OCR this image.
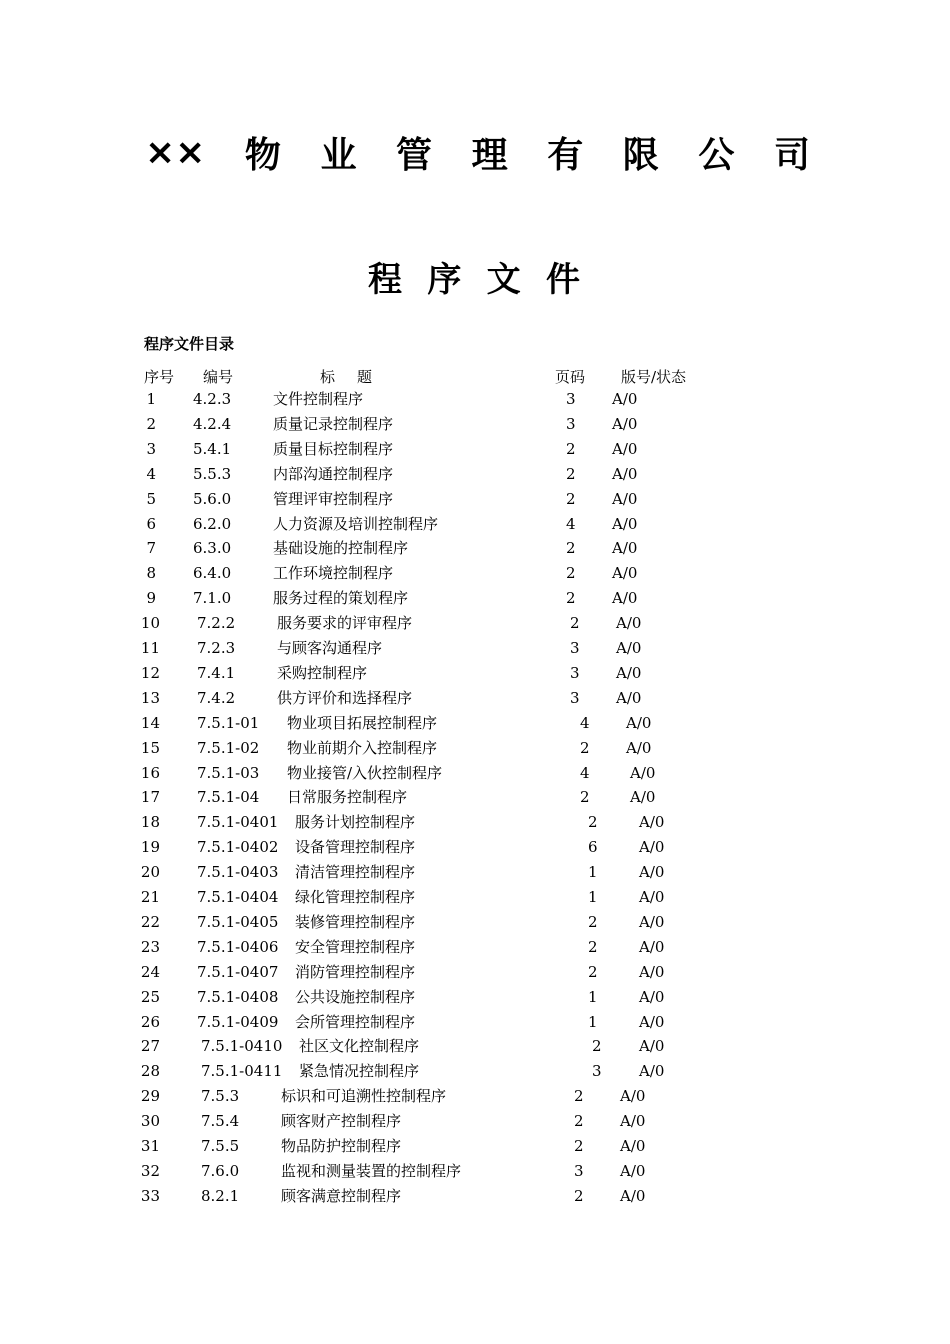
×× 物 业 管 理 有 限 公 司
程 序 文 件

程序文件目录

序号 编号	标题	页码 版号/状态
1 4.2.3	文件控制程序	3 A/0
2 4.2.4	质量记录控制程序	3 A/0
3 5.4.1	质量目标控制程序	2 A/0
4 5.5.3	内部沟通控制程序	2 A/0
5 5.6.0	管理评审控制程序	2 A/0
6 6.2.0	人力资源及培训控制程序	4 A/0
7 6.3.0	基础设施的控制程序	2 A/0
8 6.4.0	工作环境控制程序	2 A/0
9 7.1.0	服务过程的策划程序	2 A/0
10 7.2.2	服务要求的评审程序	2 A/0
11 7.2.3	与顾客沟通程序	3 A/0
12 7.4.1	采购控制程序	3 A/0
13 7.4.2	供方评价和选择程序	3 A/0
14 7.5.1-01 物业项目拓展控制程序	4 A/0
15 7.5.1-02 物业前期介入控制程序	2 A/0
16 7.5.1-03 物业接管/入伙控制程序	4	A/0
17 7.5.1-04 日常服务控制程序	2	A/0
18 7.5.1-0401 服务计划控制程序	2	A/0
19 7.5.1-0402 设备管理控制程序	6	A/0
20 7.5.1-0403 清洁管理控制程序	1	A/0
21 7.5.1-0404 绿化管理控制程序	1	A/0
22 7.5.1-0405 装修管理控制程序	2	A/0
23 7.5.1-0406 安全管理控制程序	2	A/0
24 7.5.1-0407 消防管理控制程序	2	A/0
25 7.5.1-0408 公共设施控制程序	1	A/0
26 7.5.1-0409 会所管理控制程序	1	A/0
27	7.5.1-0410 社区文化控制程序	2 A/0
28	7.5.1-0411 紧急情况控制程序	3 A/0
29	7.5.3	标识和可追溯性控制程序	2 A/0
30	7.5.4	顾客财产控制程序	2 A/0
31	7.5.5	物品防护控制程序	2 A/0
32	7.6.0	监视和测量装置的控制程序	3 A/0
33	8.2.1	顾客满意控制程序	2 A/0
